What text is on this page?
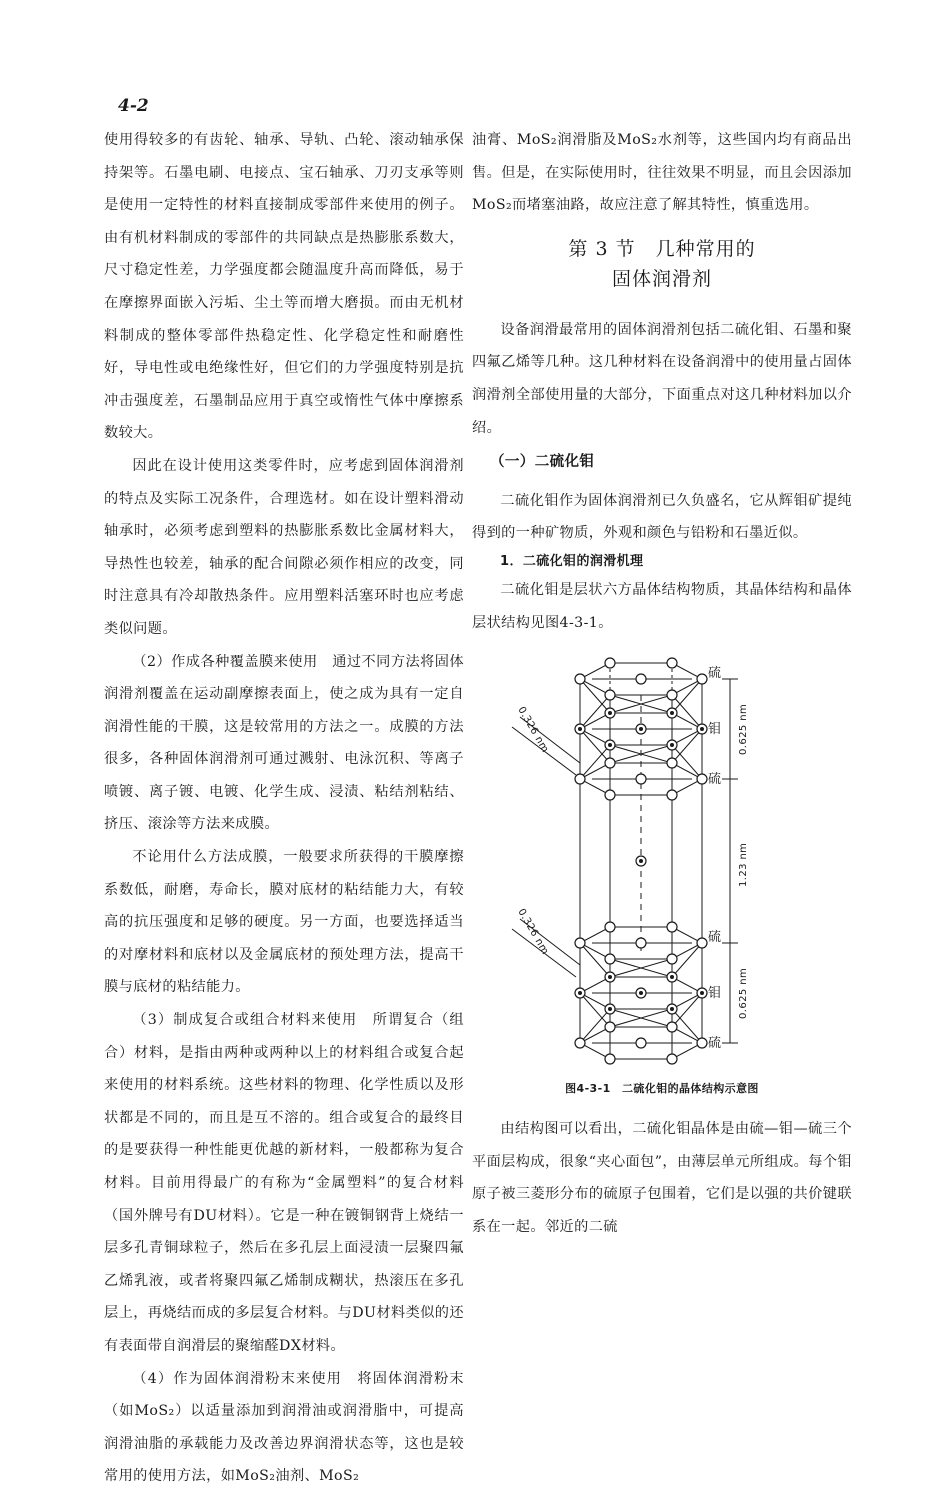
4-2

使用得较多的有齿轮、轴承、导轨、凸轮、滚动轴承保持架等。石墨电刷、电接点、宝石轴承、刀刃支承等则是使用一定特性的材料直接制成零部件来使用的例子。由有机材料制成的零部件的共同缺点是热膨胀系数大，尺寸稳定性差，力学强度都会随温度升高而降低，易于在摩擦界面嵌入污垢、尘土等而增大磨损。而由无机材料制成的整体零部件热稳定性、化学稳定性和耐磨性好，导电性或电绝缘性好，但它们的力学强度特别是抗冲击强度差，石墨制品应用于真空或惰性气体中摩擦系数较大。

因此在设计使用这类零件时，应考虑到固体润滑剂的特点及实际工况条件，合理选材。如在设计塑料滑动轴承时，必须考虑到塑料的热膨胀系数比金属材料大，导热性也较差，轴承的配合间隙必须作相应的改变，同时注意具有冷却散热条件。应用塑料活塞环时也应考虑类似问题。

（2）作成各种覆盖膜来使用　通过不同方法将固体润滑剂覆盖在运动副摩擦表面上，使之成为具有一定自润滑性能的干膜，这是较常用的方法之一。成膜的方法很多，各种固体润滑剂可通过溅射、电泳沉积、等离子喷镀、离子镀、电镀、化学生成、浸渍、粘结剂粘结、挤压、滚涂等方法来成膜。

不论用什么方法成膜，一般要求所获得的干膜摩擦系数低，耐磨，寿命长，膜对底材的粘结能力大，有较高的抗压强度和足够的硬度。另一方面，也要选择适当的对摩材料和底材以及金属底材的预处理方法，提高干膜与底材的粘结能力。

（3）制成复合或组合材料来使用　所谓复合（组合）材料，是指由两种或两种以上的材料组合或复合起来使用的材料系统。这些材料的物理、化学性质以及形状都是不同的，而且是互不溶的。组合或复合的最终目的是要获得一种性能更优越的新材料，一般都称为复合材料。目前用得最广的有称为“金属塑料”的复合材料（国外牌号有DU材料）。它是一种在镀铜钢背上烧结一层多孔青铜球粒子，然后在多孔层上面浸渍一层聚四氟乙烯乳液，或者将聚四氟乙烯制成糊状，热滚压在多孔层上，再烧结而成的多层复合材料。与DU材料类似的还有表面带自润滑层的聚缩醛DX材料。

（4）作为固体润滑粉末来使用　将固体润滑粉末（如MoS₂）以适量添加到润滑油或润滑脂中，可提高润滑油脂的承载能力及改善边界润滑状态等，这也是较常用的使用方法，如MoS₂油剂、MoS₂

油膏、MoS₂润滑脂及MoS₂水剂等，这些国内均有商品出售。但是，在实际使用时，往往效果不明显，而且会因添加MoS₂而堵塞油路，故应注意了解其特性，慎重选用。

第 3 节　几种常用的
固体润滑剂

设备润滑最常用的固体润滑剂包括二硫化钼、石墨和聚四氟乙烯等几种。这几种材料在设备润滑中的使用量占固体润滑剂全部使用量的大部分，下面重点对这几种材料加以介绍。

（一）二硫化钼

二硫化钼作为固体润滑剂已久负盛名，它从辉钼矿提纯得到的一种矿物质，外观和颜色与铅粉和石墨近似。

1．二硫化钼的润滑机理

二硫化钼是层状六方晶体结构物质，其晶体结构和晶体层状结构见图4-3-1。

硫
钼
硫
硫
钼
硫
0.625 nm
1.23 nm
0.625 nm
0.326 nm
0.326 nm
图4-3-1　二硫化钼的晶体结构示意图

由结构图可以看出，二硫化钼晶体是由硫—钼—硫三个平面层构成，很象“夹心面包”，由薄层单元所组成。每个钼原子被三菱形分布的硫原子包围着，它们是以强的共价键联系在一起。邻近的二硫
